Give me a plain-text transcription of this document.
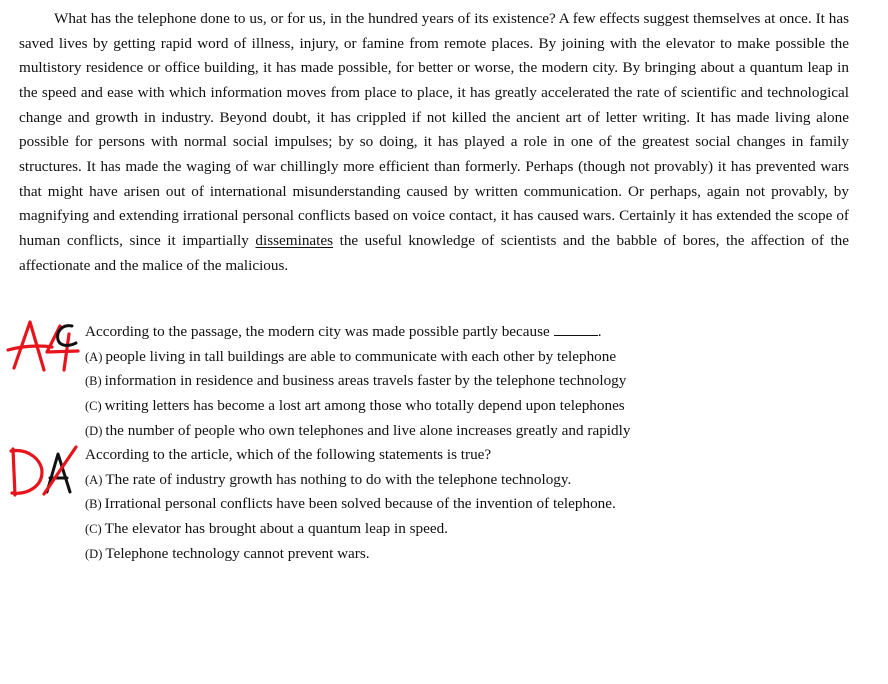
What has the telephone done to us, or for us, in the hundred years of its existence? A few effects suggest themselves at once. It has saved lives by getting rapid word of illness, injury, or famine from remote places. By joining with the elevator to make possible the multistory residence or office building, it has made possible, for better or worse, the modern city. By bringing about a quantum leap in the speed and ease with which information moves from place to place, it has greatly accelerated the rate of scientific and technological change and growth in industry. Beyond doubt, it has crippled if not killed the ancient art of letter writing. It has made living alone possible for persons with normal social impulses; by so doing, it has played a role in one of the greatest social changes in family structures. It has made the waging of war chillingly more efficient than formerly. Perhaps (though not provably) it has prevented wars that might have arisen out of international misunderstanding caused by written communication. Or perhaps, again not provably, by magnifying and extending irrational personal conflicts based on voice contact, it has caused wars. Certainly it has extended the scope of human conflicts, since it impartially disseminates the useful knowledge of scientists and the babble of bores, the affection of the affectionate and the malice of the malicious.

According to the passage, the modern city was made possible partly because	.
(A) people living in tall buildings are able to communicate with each other by telephone
(B) information in residence and business areas travels faster by the telephone technology
(C) writing letters has become a lost art among those who totally depend upon telephones
(D) the number of people who own telephones and live alone increases greatly and rapidly
According to the article, which of the following statements is true?
(A) The rate of industry growth has nothing to do with the telephone technology.
(B) Irrational personal conflicts have been solved because of the invention of telephone.
(C) The elevator has brought about a quantum leap in speed.
(D) Telephone technology cannot prevent wars.
